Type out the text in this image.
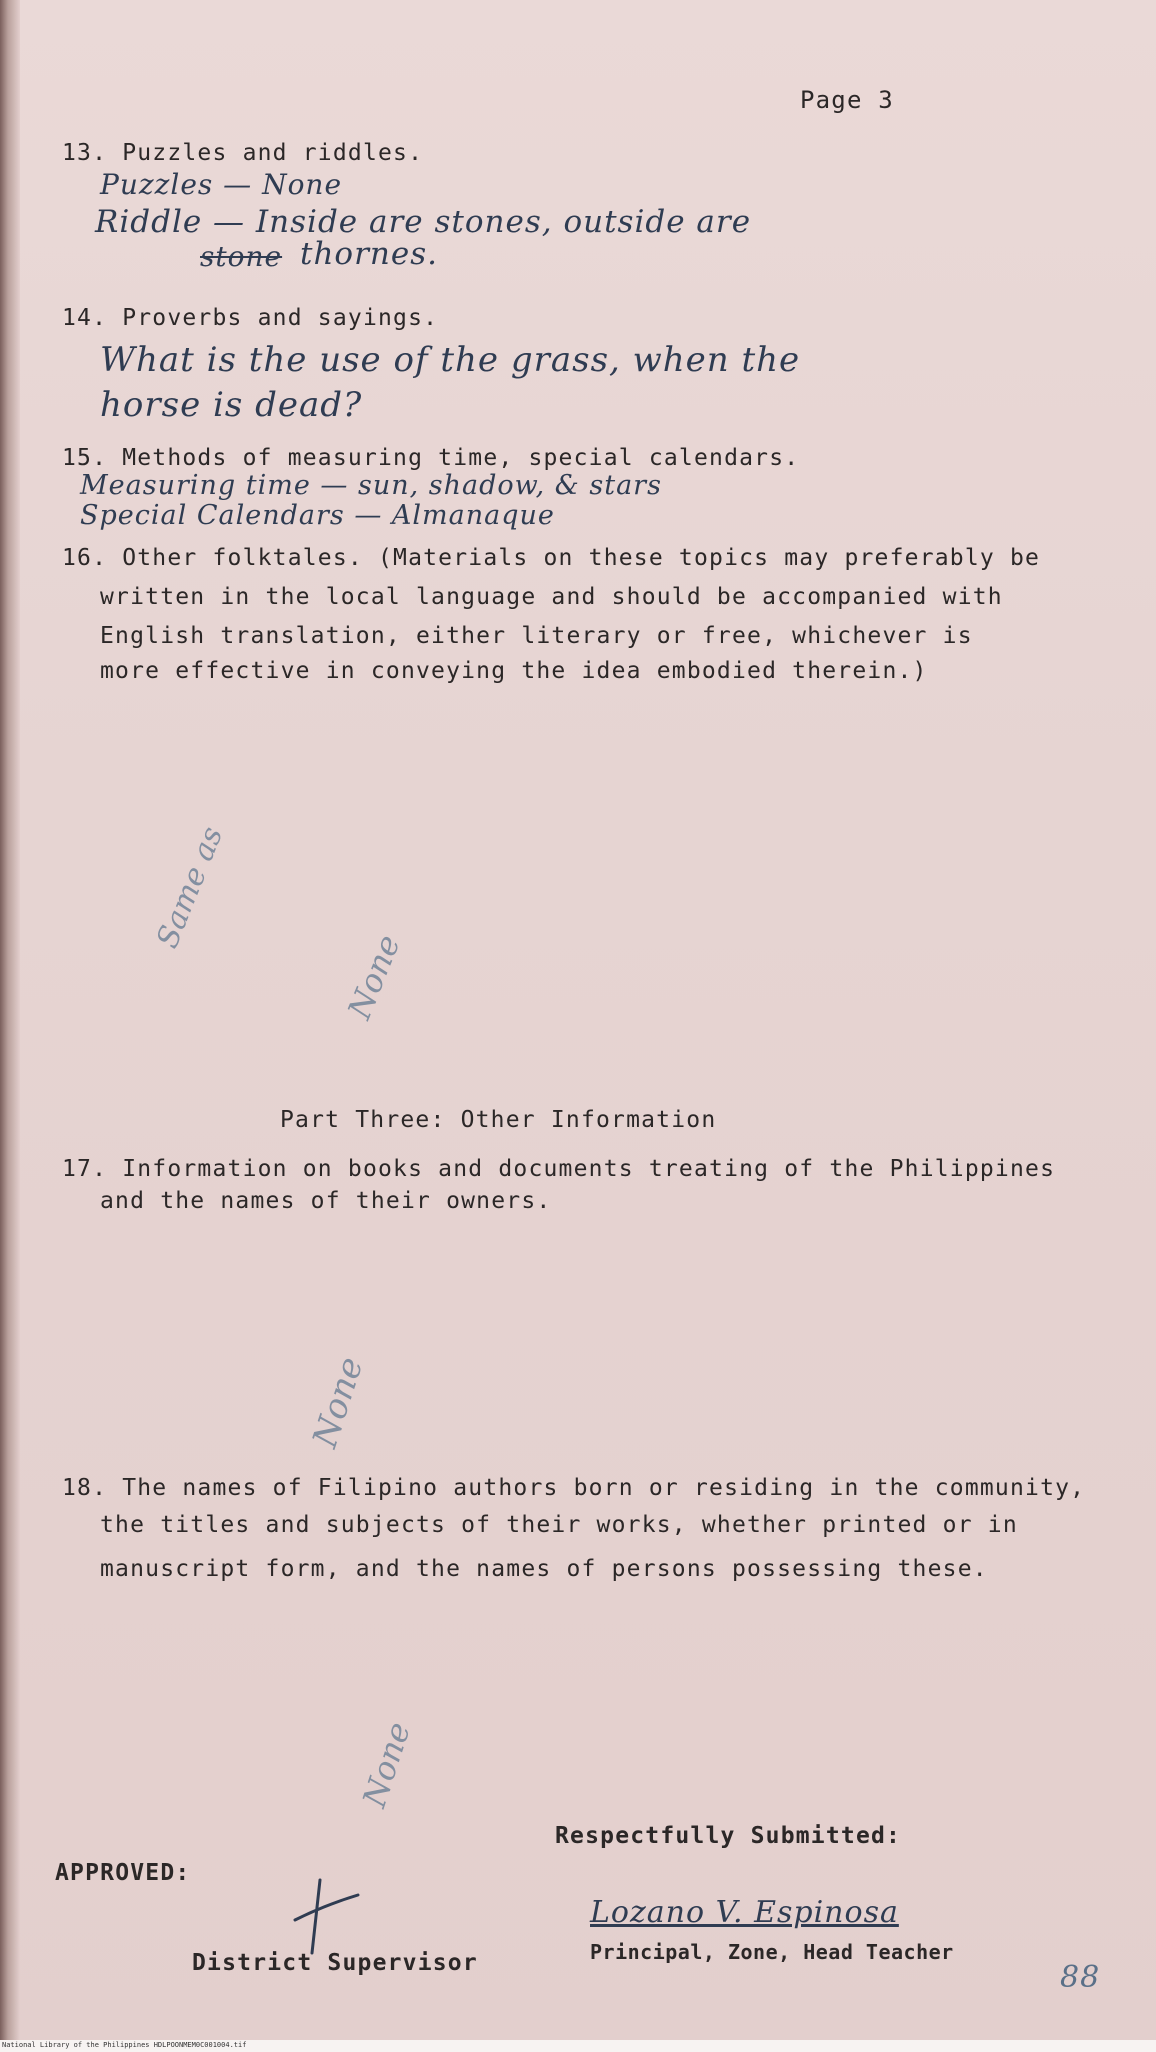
Page 3
13. Puzzles and riddles.
Puzzles — None
Riddle — Inside are stones, outside are
stone thornes.
14. Proverbs and sayings.
What is the use of the grass, when the
horse is dead?
15. Methods of measuring time, special calendars.
Measuring time — sun, shadow, & stars
Special Calendars — Almanaque
16. Other folktales. (Materials on these topics may preferably be
written in the local language and should be accompanied with
English translation, either literary or free, whichever is
more effective in conveying the idea embodied therein.)
Same as
None
Part Three: Other Information
17. Information on books and documents treating of the Philippines
and the names of their owners.
None
18. The names of Filipino authors born or residing in the community,
the titles and subjects of their works, whether printed or in
manuscript form, and the names of persons possessing these.
None
Respectfully Submitted:
APPROVED:
Lozano V. Espinosa
District Supervisor	Principal, Zone, Head Teacher
88
National Library of the Philippines HDLPOONMEM0C001004.tif
